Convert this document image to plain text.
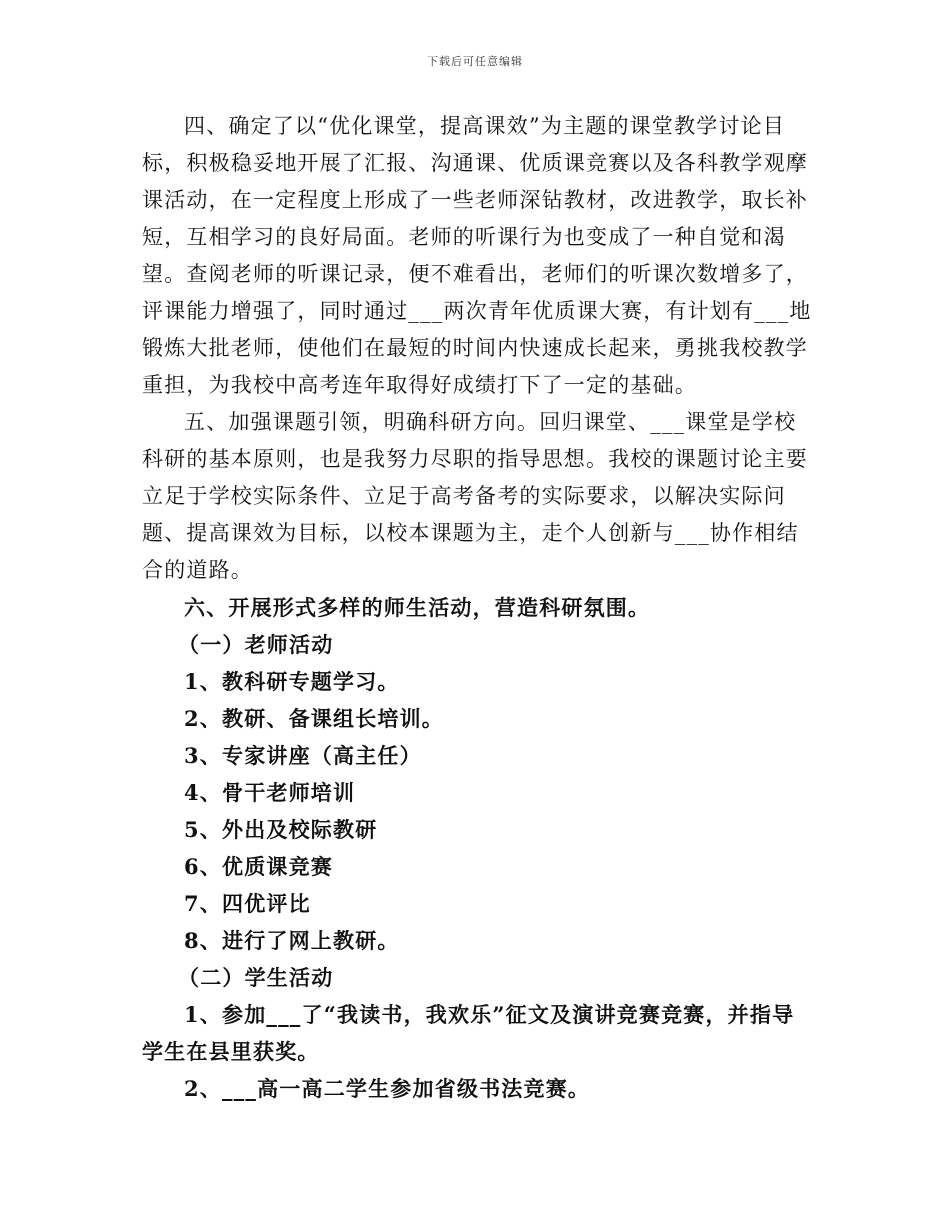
下载后可任意编辑

四、确定了以“优化课堂，提高课效”为主题的课堂教学讨论目标，积极稳妥地开展了汇报、沟通课、优质课竞赛以及各科教学观摩课活动，在一定程度上形成了一些老师深钻教材，改进教学，取长补短，互相学习的良好局面。老师的听课行为也变成了一种自觉和渴望。查阅老师的听课记录，便不难看出，老师们的听课次数增多了，评课能力增强了，同时通过___两次青年优质课大赛，有计划有___地锻炼大批老师，使他们在最短的时间内快速成长起来，勇挑我校教学重担，为我校中高考连年取得好成绩打下了一定的基础。

五、加强课题引领，明确科研方向。回归课堂、___课堂是学校科研的基本原则，也是我努力尽职的指导思想。我校的课题讨论主要立足于学校实际条件、立足于高考备考的实际要求，以解决实际问题、提高课效为目标，以校本课题为主，走个人创新与___协作相结合的道路。

六、开展形式多样的师生活动，营造科研氛围。

（一）老师活动

1、教科研专题学习。

2、教研、备课组长培训。

3、专家讲座（高主任）

4、骨干老师培训

5、外出及校际教研

6、优质课竞赛

7、四优评比

8、进行了网上教研。

（二）学生活动

1、参加___了“我读书，我欢乐”征文及演讲竞赛竞赛，并指导学生在县里获奖。

2、___高一高二学生参加省级书法竞赛。
